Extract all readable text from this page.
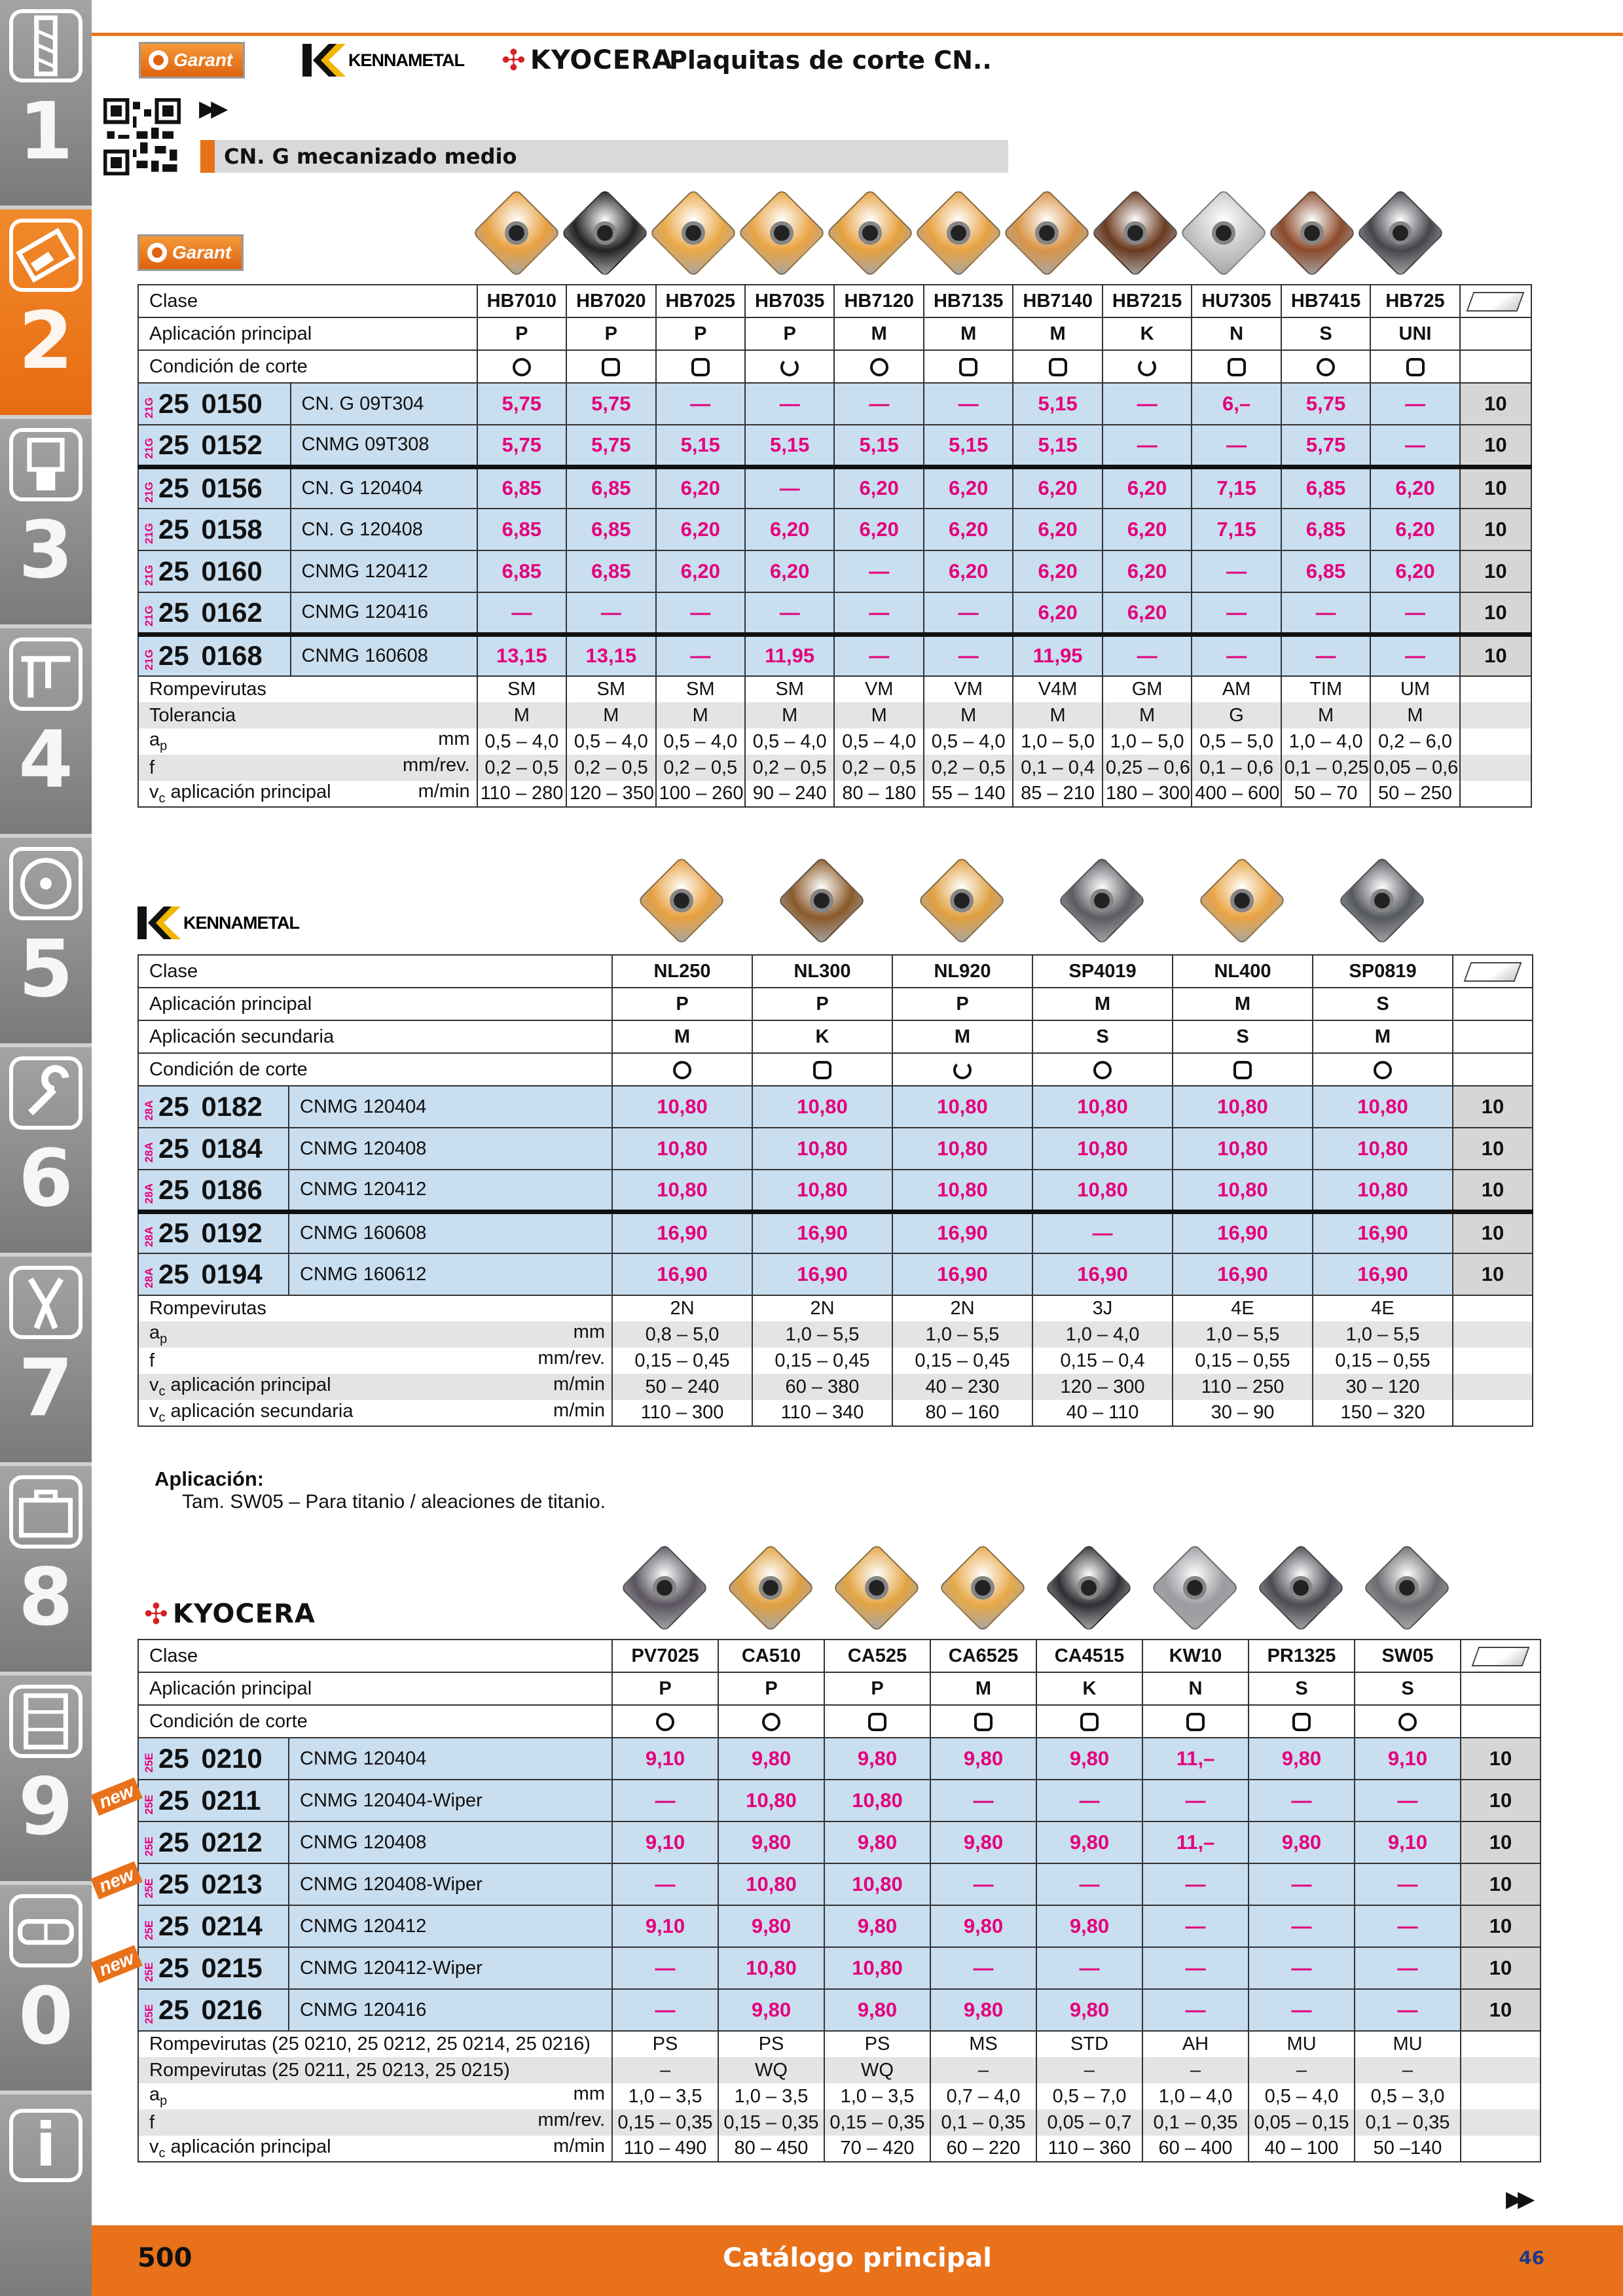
1
2
3
4
5
6
7
8
9
0
i
Garant	KENNAMETAL ✣ KYOCERA
Plaquitas de corte CN..
▶▶
CN. G mecanizado medio
Garant
Clase		HB7010	HB7020	HB7025	HB7035	HB7120	HB7135	HB7140	HB7215	HU7305	HB7415	HB725	
Aplicación principal		P	P	P	P	M	M	M	K	N	S	UNI	
Condición de corte													
21G 25 0150	CN. G 09T304	5,75	5,75	—	—	—	—	5,15	—	6,–	5,75	—	10
21G 25 0152	CNMG 09T308	5,75	5,75	5,15	5,15	5,15	5,15	5,15	—	—	5,75	—	10
21G 25 0156	CN. G 120404	6,85	6,85	6,20	—	6,20	6,20	6,20	6,20	7,15	6,85	6,20	10
21G 25 0158	CN. G 120408	6,85	6,85	6,20	6,20	6,20	6,20	6,20	6,20	7,15	6,85	6,20	10
21G 25 0160	CNMG 120412	6,85	6,85	6,20	6,20	—	6,20	6,20	6,20	—	6,85	6,20	10
21G 25 0162	CNMG 120416	—	—	—	—	—	—	6,20	6,20	—	—	—	10
21G 25 0168	CNMG 160608	13,15	13,15	—	11,95	—	—	11,95	—	—	—	—	10
Rompevirutas		SM	SM	SM	SM	VM	VM	V4M	GM	AM	TIM	UM	
Tolerancia		M	M	M	M	M	M	M	M	G	M	M	
$a_p$ mm		0,5 – 4,0	0,5 – 4,0	0,5 – 4,0	0,5 – 4,0	0,5 – 4,0	0,5 – 4,0	1,0 – 5,0	1,0 – 5,0	0,5 – 5,0	1,0 – 4,0	0,2 – 6,0	
f mm/rev.		0,2 – 0,5	0,2 – 0,5	0,2 – 0,5	0,2 – 0,5	0,2 – 0,5	0,2 – 0,5	0,1 – 0,4	0,25 – 0,6	0,1 – 0,6	0,1 – 0,25	0,05 – 0,6	
$v_c$ aplicación principal m/min		110 – 280	120 – 350	100 – 260	90 – 240	80 – 180	55 – 140	85 – 210	180 – 300	400 – 600	50 – 70	50 – 250	
KENNAMETAL
Clase		NL250	NL300	NL920	SP4019	NL400	SP0819	
Aplicación principal		P	P	P	M	M	S	
Aplicación secundaria		M	K	M	S	S	M	
Condición de corte								
28A 25 0182	CNMG 120404	10,80	10,80	10,80	10,80	10,80	10,80	10
28A 25 0184	CNMG 120408	10,80	10,80	10,80	10,80	10,80	10,80	10
28A 25 0186	CNMG 120412	10,80	10,80	10,80	10,80	10,80	10,80	10
28A 25 0192	CNMG 160608	16,90	16,90	16,90	—	16,90	16,90	10
28A 25 0194	CNMG 160612	16,90	16,90	16,90	16,90	16,90	16,90	10
Rompevirutas		2N	2N	2N	3J	4E	4E	
$a_p$ mm		0,8 – 5,0	1,0 – 5,5	1,0 – 5,5	1,0 – 4,0	1,0 – 5,5	1,0 – 5,5	
f mm/rev.		0,15 – 0,45	0,15 – 0,45	0,15 – 0,45	0,15 – 0,4	0,15 – 0,55	0,15 – 0,55	
$v_c$ aplicación principal m/min		50 – 240	60 – 380	40 – 230	120 – 300	110 – 250	30 – 120	
$v_c$ aplicación secundaria m/min		110 – 300	110 – 340	80 – 160	40 – 110	30 – 90	150 – 320	
Aplicación:
Tam. SW05 – Para titanio / aleaciones de titanio.
✣ KYOCERA
Clase		PV7025	CA510	CA525	CA6525	CA4515	KW10	PR1325	SW05	
Aplicación principal		P	P	P	M	K	N	S	S	
Condición de corte										
25E 25 0210	CNMG 120404	9,10	9,80	9,80	9,80	9,80	11,–	9,80	9,10	10
25E 25 0211	CNMG 120404-Wiper	—	10,80	10,80	—	—	—	—	—	10
25E 25 0212	CNMG 120408	9,10	9,80	9,80	9,80	9,80	11,–	9,80	9,10	10
25E 25 0213	CNMG 120408-Wiper	—	10,80	10,80	—	—	—	—	—	10
25E 25 0214	CNMG 120412	9,10	9,80	9,80	9,80	9,80	—	—	—	10
25E 25 0215	CNMG 120412-Wiper	—	10,80	10,80	—	—	—	—	—	10
25E 25 0216	CNMG 120416	—	9,80	9,80	9,80	9,80	—	—	—	10
Rompevirutas (25 0210, 25 0212, 25 0214, 25 0216)		PS	PS	PS	MS	STD	AH	MU	MU	
Rompevirutas (25 0211, 25 0213, 25 0215)		–	WQ	WQ	–	–	–	–	–	
$a_p$ mm		1,0 – 3,5	1,0 – 3,5	1,0 – 3,5	0,7 – 4,0	0,5 – 7,0	1,0 – 4,0	0,5 – 4,0	0,5 – 3,0	
f mm/rev.		0,15 – 0,35	0,15 – 0,35	0,15 – 0,35	0,1 – 0,35	0,05 – 0,7	0,1 – 0,35	0,05 – 0,15	0,1 – 0,35	
$v_c$ aplicación principal m/min		110 – 490	80 – 450	70 – 420	60 – 220	110 – 360	60 – 400	40 – 100	50 –140	
new
new
new
▶▶
500	Catálogo principal	46
